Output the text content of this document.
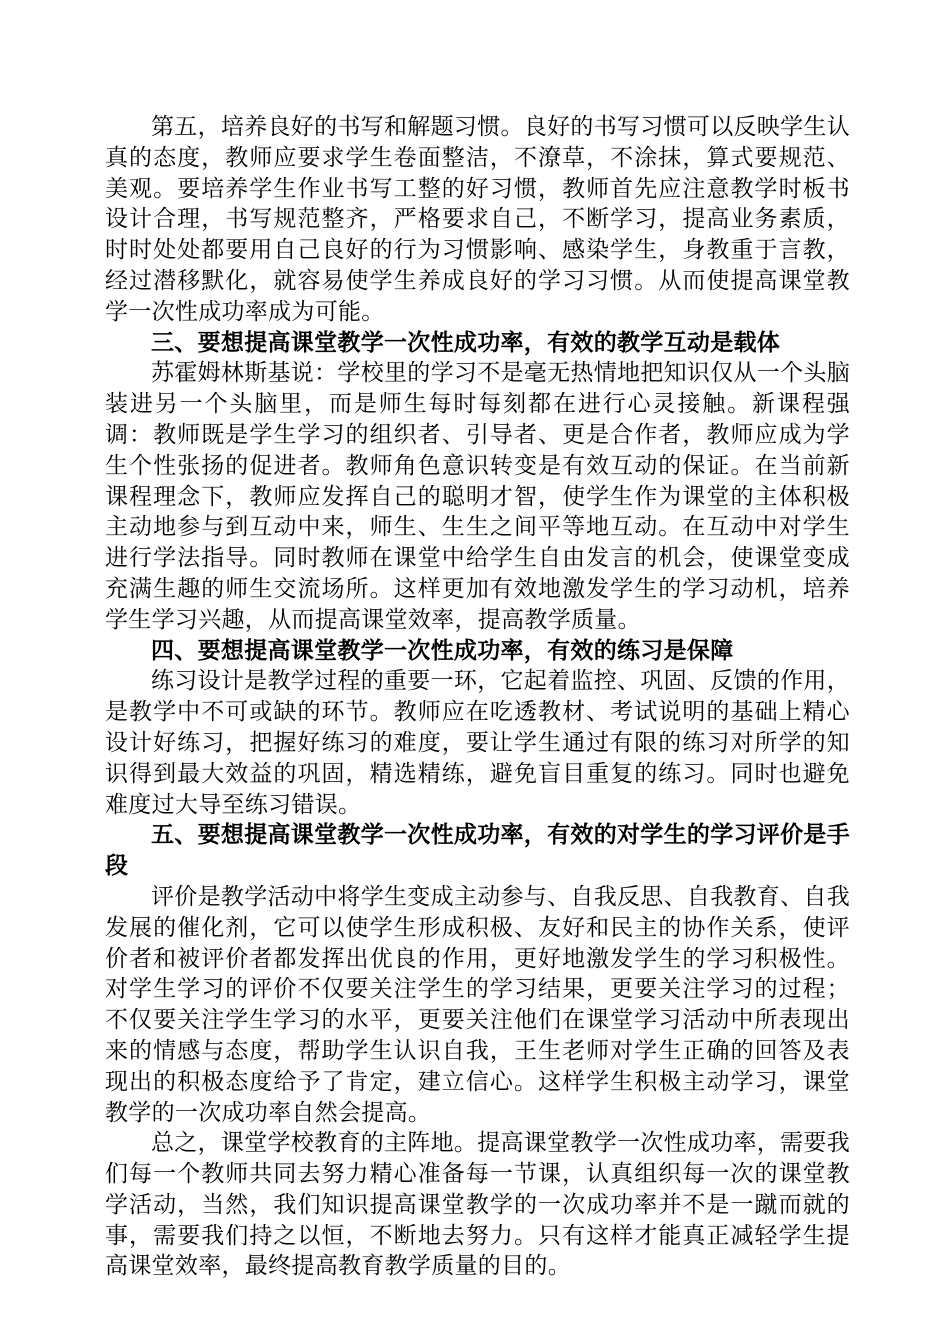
第五，培养良好的书写和解题习惯。良好的书写习惯可以反映学生认真的态度，教师应要求学生卷面整洁，不潦草，不涂抹，算式要规范、美观。要培养学生作业书写工整的好习惯，教师首先应注意教学时板书设计合理，书写规范整齐，严格要求自己，不断学习，提高业务素质，时时处处都要用自己良好的行为习惯影响、感染学生，身教重于言教，经过潜移默化，就容易使学生养成良好的学习习惯。从而使提高课堂教学一次性成功率成为可能。

三、要想提高课堂教学一次性成功率，有效的教学互动是载体

苏霍姆林斯基说：学校里的学习不是毫无热情地把知识仅从一个头脑装进另一个头脑里，而是师生每时每刻都在进行心灵接触。新课程强调：教师既是学生学习的组织者、引导者、更是合作者，教师应成为学生个性张扬的促进者。教师角色意识转变是有效互动的保证。在当前新课程理念下，教师应发挥自己的聪明才智，使学生作为课堂的主体积极主动地参与到互动中来，师生、生生之间平等地互动。在互动中对学生进行学法指导。同时教师在课堂中给学生自由发言的机会，使课堂变成充满生趣的师生交流场所。这样更加有效地激发学生的学习动机，培养学生学习兴趣，从而提高课堂效率，提高教学质量。

四、要想提高课堂教学一次性成功率，有效的练习是保障

练习设计是教学过程的重要一环，它起着监控、巩固、反馈的作用，是教学中不可或缺的环节。教师应在吃透教材、考试说明的基础上精心设计好练习，把握好练习的难度，要让学生通过有限的练习对所学的知识得到最大效益的巩固，精选精练，避免盲目重复的练习。同时也避免难度过大导至练习错误。

五、要想提高课堂教学一次性成功率，有效的对学生的学习评价是手段

评价是教学活动中将学生变成主动参与、自我反思、自我教育、自我发展的催化剂，它可以使学生形成积极、友好和民主的协作关系，使评价者和被评价者都发挥出优良的作用，更好地激发学生的学习积极性。对学生学习的评价不仅要关注学生的学习结果，更要关注学习的过程；不仅要关注学生学习的水平，更要关注他们在课堂学习活动中所表现出来的情感与态度，帮助学生认识自我，王生老师对学生正确的回答及表现出的积极态度给予了肯定，建立信心。这样学生积极主动学习，课堂教学的一次成功率自然会提高。

总之，课堂学校教育的主阵地。提高课堂教学一次性成功率，需要我们每一个教师共同去努力精心准备每一节课，认真组织每一次的课堂教学活动，当然，我们知识提高课堂教学的一次成功率并不是一蹴而就的事，需要我们持之以恒，不断地去努力。只有这样才能真正减轻学生提高课堂效率，最终提高教育教学质量的目的。
